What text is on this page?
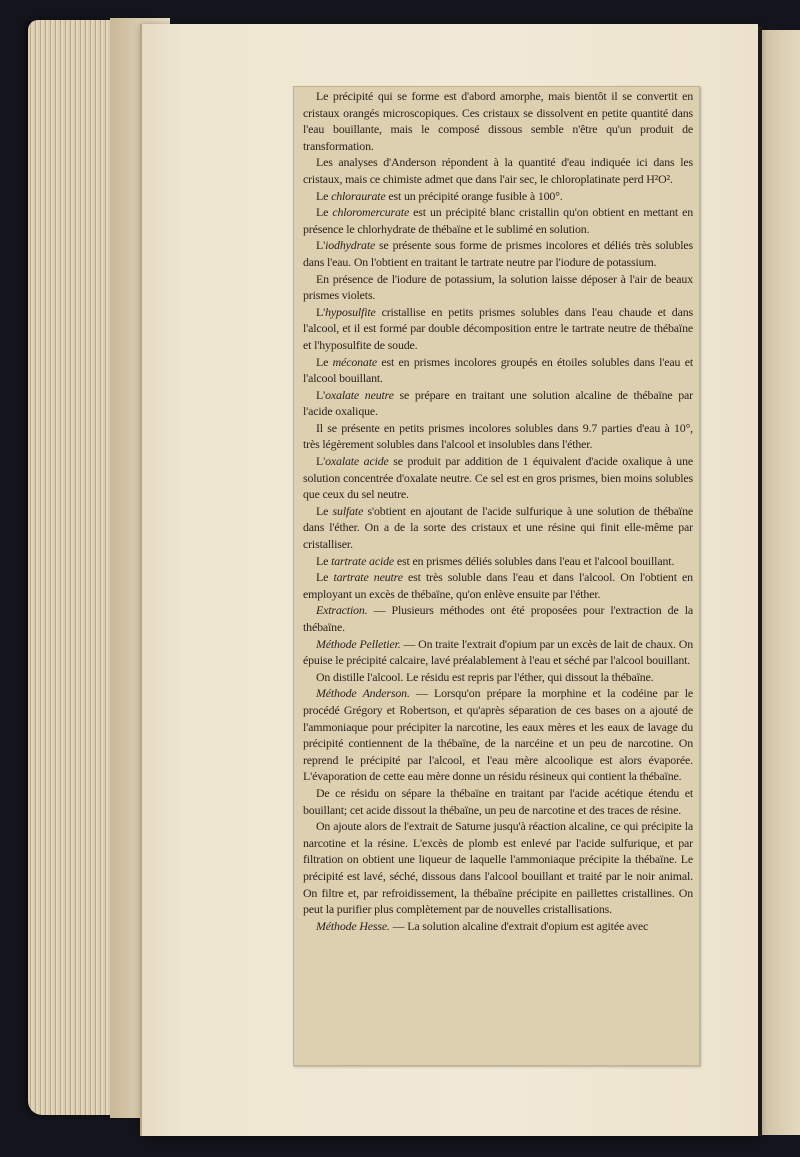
Le précipité qui se forme est d'abord amorphe, mais bientôt il se convertit en cristaux orangés microscopiques. Ces cristaux se dissolvent en petite quantité dans l'eau bouillante, mais le composé dissous semble n'être qu'un produit de transformation.

Les analyses d'Anderson répondent à la quantité d'eau indiquée ici dans les cristaux, mais ce chimiste admet que dans l'air sec, le chloroplatinate perd H²O².

Le chloraurate est un précipité orange fusible à 100°.

Le chloromercurate est un précipité blanc cristallin qu'on obtient en mettant en présence le chlorhydrate de thébaïne et le sublimé en solution.

L'iodhydrate se présente sous forme de prismes incolores et déliés très solubles dans l'eau. On l'obtient en traitant le tartrate neutre par l'iodure de potassium.

En présence de l'iodure de potassium, la solution laisse déposer à l'air de beaux prismes violets.

L'hyposulfite cristallise en petits prismes solubles dans l'eau chaude et dans l'alcool, et il est formé par double décomposition entre le tartrate neutre de thébaïne et l'hyposulfite de soude.

Le méconate est en prismes incolores groupés en étoiles solubles dans l'eau et l'alcool bouillant.

L'oxalate neutre se prépare en traitant une solution alcaline de thébaïne par l'acide oxalique.

Il se présente en petits prismes incolores solubles dans 9.7 parties d'eau à 10°, très légèrement solubles dans l'alcool et insolubles dans l'éther.

L'oxalate acide se produit par addition de 1 équivalent d'acide oxalique à une solution concentrée d'oxalate neutre. Ce sel est en gros prismes, bien moins solubles que ceux du sel neutre.

Le sulfate s'obtient en ajoutant de l'acide sulfurique à une solution de thébaïne dans l'éther. On a de la sorte des cristaux et une résine qui finit elle-même par cristalliser.

Le tartrate acide est en prismes déliés solubles dans l'eau et l'alcool bouillant.

Le tartrate neutre est très soluble dans l'eau et dans l'alcool. On l'obtient en employant un excès de thébaïne, qu'on enlève ensuite par l'éther.

Extraction. — Plusieurs méthodes ont été proposées pour l'extraction de la thébaïne.

Méthode Pelletier. — On traite l'extrait d'opium par un excès de lait de chaux. On épuise le précipité calcaire, lavé préalablement à l'eau et séché par l'alcool bouillant.

On distille l'alcool. Le résidu est repris par l'éther, qui dissout la thébaïne.

Méthode Anderson. — Lorsqu'on prépare la morphine et la codéine par le procédé Grégory et Robertson, et qu'après séparation de ces bases on a ajouté de l'ammoniaque pour précipiter la narcotine, les eaux mères et les eaux de lavage du précipité contiennent de la thébaïne, de la narcéine et un peu de narcotine. On reprend le précipité par l'alcool, et l'eau mère alcoolique est alors évaporée. L'évaporation de cette eau mère donne un résidu résineux qui contient la thébaïne.

De ce résidu on sépare la thébaïne en traitant par l'acide acétique étendu et bouillant; cet acide dissout la thébaïne, un peu de narcotine et des traces de résine.

On ajoute alors de l'extrait de Saturne jusqu'à réaction alcaline, ce qui précipite la narcotine et la résine. L'excès de plomb est enlevé par l'acide sulfurique, et par filtration on obtient une liqueur de laquelle l'ammoniaque précipite la thébaïne. Le précipité est lavé, séché, dissous dans l'alcool bouillant et traité par le noir animal. On filtre et, par refroidissement, la thébaïne précipite en paillettes cristallines. On peut la purifier plus complètement par de nouvelles cristallisations.

Méthode Hesse. — La solution alcaline d'extrait d'opium est agitée avec
